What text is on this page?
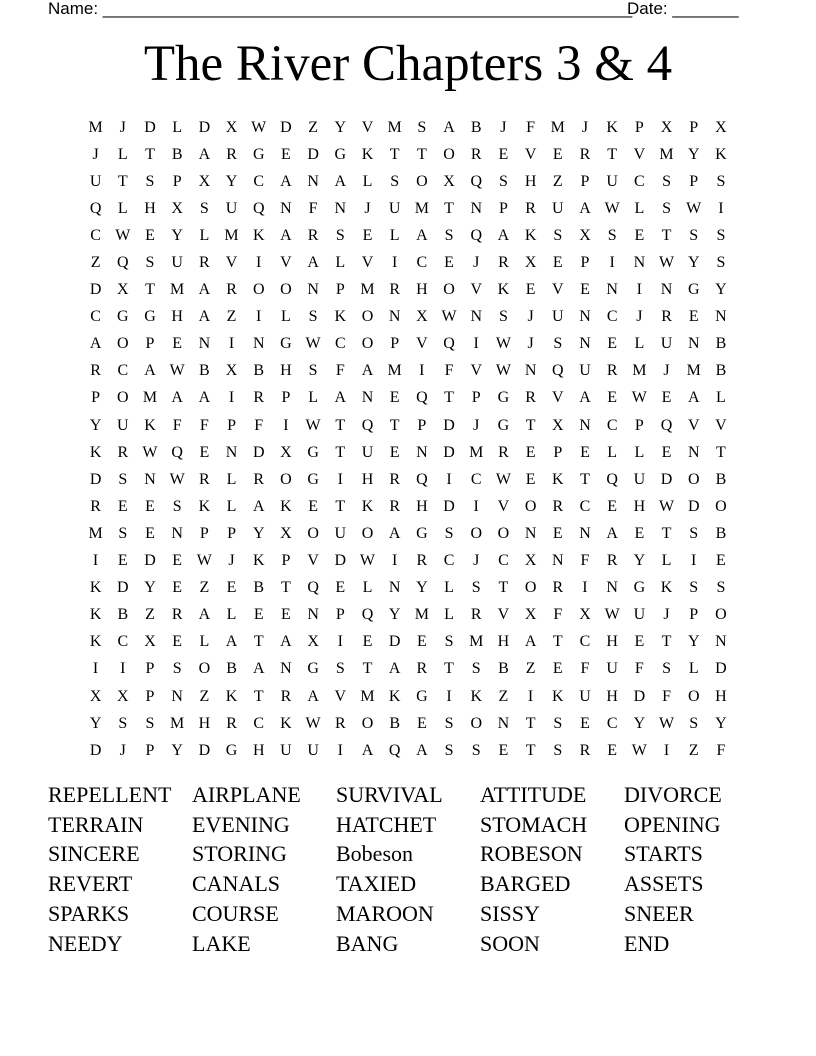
Name: ________________________________________________________
Date: _______
The River Chapters 3 & 4
M	J	D	L	D X W D	Z	Y V M S	A	B	J	F M	J	K	P	X	P	X
J	L	T	B	A	R	G	E	D G K	T	T	O	R	E	V	E	R	T	V M Y K
U	T	S	P	X Y	C	A N A	L	S	O X Q	S	H	Z	P	U	C	S	P	S
Q	L	H X	S	U Q N	F	N	J	U M T	N	P	R	U A W L	S W	I
C W E	Y	L M K A	R	S	E	L	A	S	Q A K	S	X	S	E	T	S	S
Z	Q	S	U	R	V	I	V A	L	V	I	C	E	J	R	X	E	P	I	N W Y	S
D X	T M A	R	O O N	P M R	H O V K	E	V	E	N	I	N G Y
C	G G H A	Z	I	L	S	K O N X W N	S	J	U N	C	J	R	E	N
A O	P	E	N	I	N G W C	O	P	V Q	I	W	J	S	N	E	L	U N	B
R	C	A W B	X	B	H	S	F	A M	I	F	V W N Q U	R M	J	M B
P	O M A A	I	R	P	L	A N	E	Q	T	P	G	R	V A	E W E	A	L
Y U K	F	F	P	F	I	W T	Q	T	P	D	J	G	T	X N	C	P	Q V V
K	R W Q	E	N D X G	T	U	E	N D M R	E	P	E	L	L	E	N	T
D	S	N W R	L	R	O G	I	H	R	Q	I	C W E	K	T	Q U D O	B
R	E	E	S	K	L	A K	E	T	K	R	H D	I	V O	R	C	E	H W D O
M S	E	N	P	P	Y X O U O A G	S	O O N	E	N A	E	T	S	B
I	E	D	E W	J	K	P	V D W	I	R	C	J	C	X N	F	R	Y	L	I	E
K D Y	E	Z	E	B	T	Q	E	L	N Y	L	S	T	O	R	I	N G K	S	S
K	B	Z	R	A	L	E	E	N	P	Q Y M L	R	V X	F	X W U	J	P	O
K	C	X	E	L	A	T	A X	I	E	D	E	S M H A	T	C	H	E	T	Y N
I	I	P	S	O	B	A N G	S	T	A	R	T	S	B	Z	E	F	U	F	S	L	D
X X	P	N	Z	K	T	R	A V M K G	I	K	Z	I	K U H D	F	O H
Y	S	S M H	R	C	K W R	O	B	E	S	O N	T	S	E	C	Y W S	Y
D	J	P	Y D G H U U	I	A Q A	S	S	E	T	S	R	E W	I	Z	F
REPELLENT AIRPLANE	SURVIVAL	ATTITUDE	DIVORCE
TERRAIN	EVENING	HATCHET	STOMACH	OPENING
SINCERE	STORING	Bobeson	ROBESON	STARTS
REVERT	CANALS	TAXIED	BARGED	ASSETS
SPARKS	COURSE	MAROON	SISSY	SNEER
NEEDY	LAKE	BANG	SOON	END
